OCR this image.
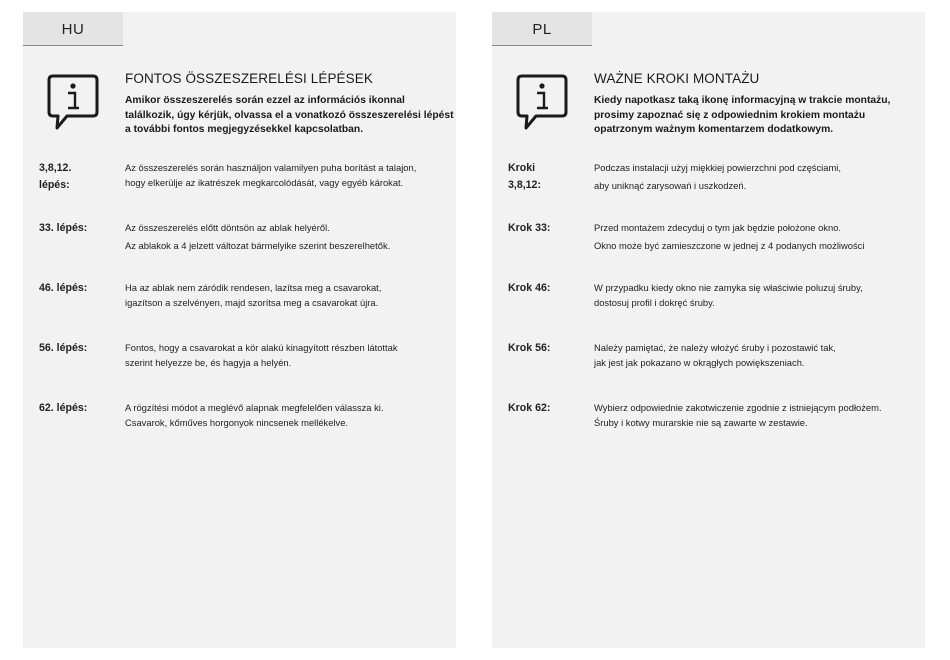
HU
FONTOS ÖSSZESZERELÉSI LÉPÉSEK
Amikor összeszerelés során ezzel az információs ikonnal találkozik, úgy kérjük, olvassa el a vonatkozó összeszerelési lépést a további fontos megjegyzésekkel kapcsolatban.
3,8,12. lépés:
Az összeszerelés során használjon valamilyen puha borítást a talajon,
hogy elkerülje az ikatrészek megkarcolódását, vagy egyéb károkat.
33. lépés:	Az összeszerelés előtt döntsön az ablak helyéről.
Az ablakok a 4 jelzett változat bármelyike szerint beszerelhetők.
46. lépés:	Ha az ablak nem záródik rendesen, lazítsa meg a csavarokat,
igazítson a szelvényen, majd szorítsa meg a csavarokat újra.
56. lépés:	Fontos, hogy a csavarokat a kör alakú kinagyított részben látottak
szerint helyezze be, és hagyja a helyén.
62. lépés:	A rögzítési módot a meglévő alapnak megfelelően válassza ki.
Csavarok, kőműves horgonyok nincsenek mellékelve.
PL
WAŻNE KROKI MONTAŻU
Kiedy napotkasz taką ikonę informacyjną w trakcie montażu, prosimy zapoznać się z odpowiednim krokiem montażu opatrzonym ważnym komentarzem dodatkowym.
Kroki 3,8,12:
Podczas instalacji użyj miękkiej powierzchni pod częściami,
aby uniknąć zarysowań i uszkodzeń.
Krok 33:	Przed montażem zdecyduj o tym jak będzie położone okno.
Okno może być zamieszczone w jednej z 4 podanych możliwości
Krok 46:	W przypadku kiedy okno nie zamyka się właściwie poluzuj śruby,
dostosuj profil i dokręć śruby.
Krok 56:	Należy pamiętać, że należy włożyć śruby i pozostawić tak,
jak jest jak pokazano w okrągłych powiększeniach.
Krok 62:	Wybierz odpowiednie zakotwiczenie zgodnie z istniejącym podłożem.
Śruby i kotwy murarskie nie są zawarte w zestawie.
